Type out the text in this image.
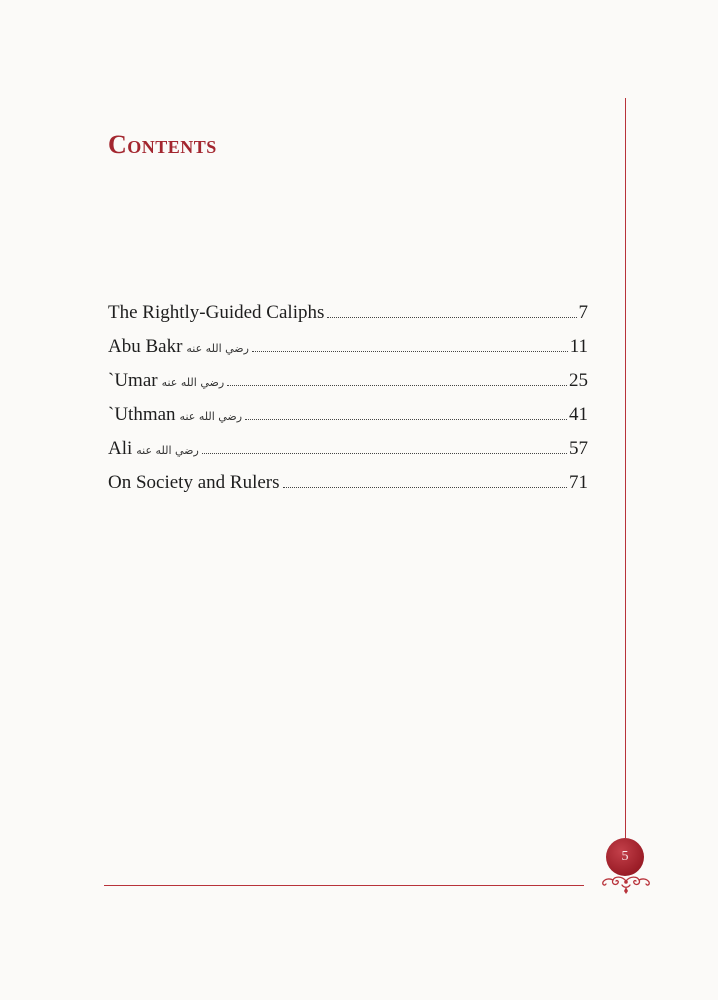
Contents
The Rightly-Guided Caliphs	7
Abu Bakr رضي الله عنه	11
`Umar رضي الله عنه	25
`Uthman رضي الله عنه	41
Ali رضي الله عنه	57
On Society and Rulers	71
5
